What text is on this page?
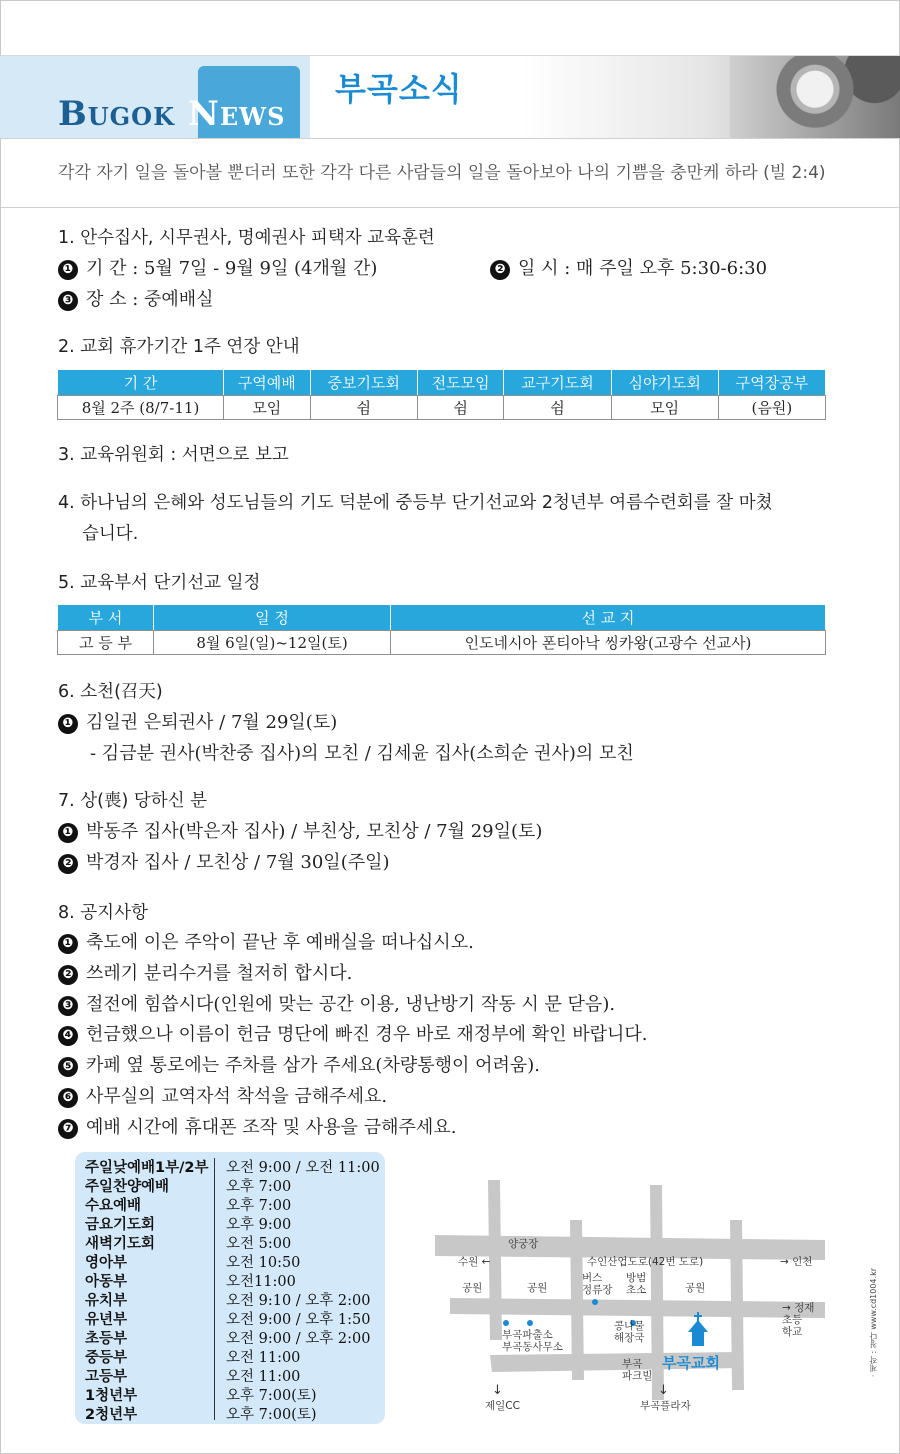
Bugok News
부곡소식
각각 자기 일을 돌아볼 뿐더러 또한 각각 다른 사람들의 일을 돌아보아 나의 기쁨을 충만케 하라 (빌 2:4)
1. 안수집사, 시무권사, 명예권사 피택자 교육훈련
❶ 기 간 : 5월 7일 - 9월 9일 (4개월 간)	❷ 일 시 : 매 주일 오후 5:30-6:30
❸ 장 소 : 중예배실
2. 교회 휴가기간 1주 연장 안내
기 간	구역예배	중보기도회	전도모임	교구기도회	심야기도회	구역장공부
8월 2주 (8/7-11)	모임	쉼	쉼	쉼	모임	(음원)
3. 교육위원회 : 서면으로 보고
4. 하나님의 은혜와 성도님들의 기도 덕분에 중등부 단기선교와 2청년부 여름수련회를 잘 마쳤
습니다.
5. 교육부서 단기선교 일정
부 서	일 정	선 교 지
고 등 부	8월 6일(일)~12일(토)	인도네시아 폰티아낙 씽카왕(고광수 선교사)
6. 소천(召天)
❶ 김일권 은퇴권사 / 7월 29일(토)
- 김금분 권사(박찬중 집사)의 모친 / 김세윤 집사(소희순 권사)의 모친
7. 상(喪) 당하신 분
❶ 박동주 집사(박은자 집사) / 부친상, 모친상 / 7월 29일(토)
❷ 박경자 집사 / 모친상 / 7월 30일(주일)
8. 공지사항
❶ 축도에 이은 주악이 끝난 후 예배실을 떠나십시오.
❷ 쓰레기 분리수거를 철저히 합시다.
❸ 절전에 힘씁시다(인원에 맞는 공간 이용, 냉난방기 작동 시 문 닫음).
❹ 헌금했으나 이름이 헌금 명단에 빠진 경우 바로 재정부에 확인 바랍니다.
❺ 카페 옆 통로에는 주차를 삼가 주세요(차량통행이 어려움).
❻ 사무실의 교역자석 착석을 금해주세요.
❼ 예배 시간에 휴대폰 조작 및 사용을 금해주세요.
주일낮예배1부/2부 오전 9:00 / 오전 11:00
주일찬양예배	오후 7:00
수요예배	오후 7:00
금요기도회	오후 9:00
새벽기도회	오전 5:00
영아부	오전 10:50
아동부	오전11:00
유치부	오전 9:10 / 오후 2:00
유년부	오전 9:00 / 오후 1:50
초등부	오전 9:00 / 오후 2:00
중등부	오전 11:00
고등부	오전 11:00
1청년부	오후 7:00(토)
2청년부	오후 7:00(토)
양궁장
수원 ←	수인산업도로(42번 도로)	→ 인천
공원	공원	공원
버스
정류장
방범
초소
→ 정재
초등
학교
부곡파출소
부곡동사무소
콩나물
해장국
부곡교회
부곡
파크빌
↓
제일CC
↓
부곡플라자
· 제작 : 청다 www.cd1004.kr
